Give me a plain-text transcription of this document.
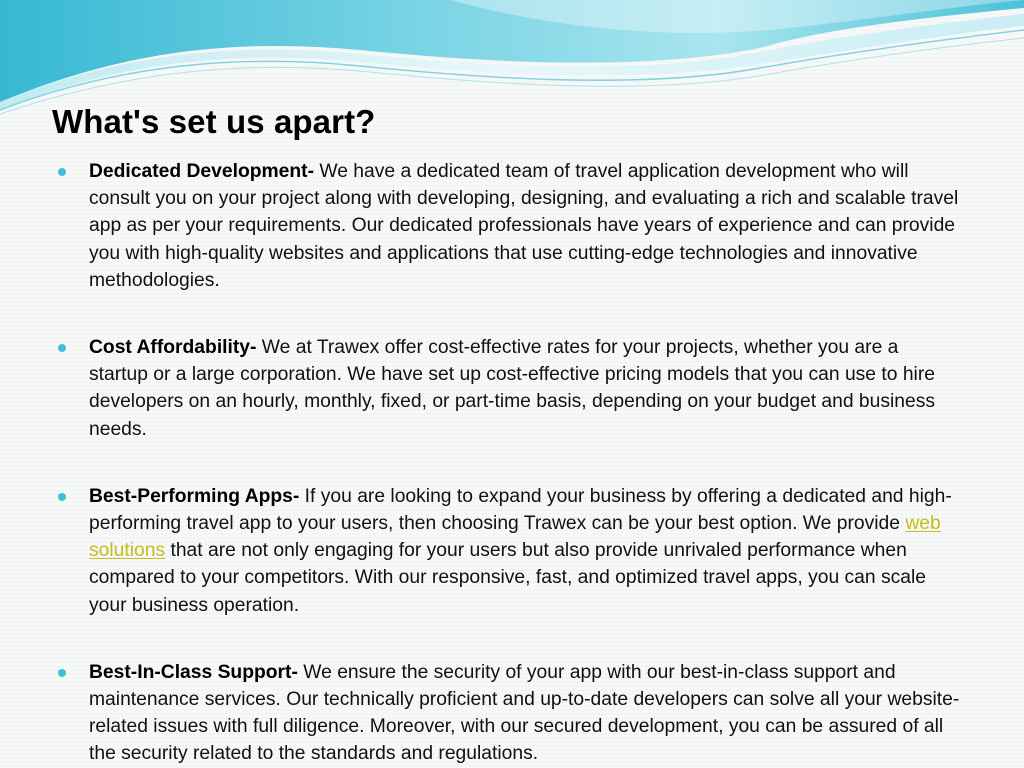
What's set us apart?
Dedicated Development- We have a dedicated team of travel application development who will consult you on your project along with developing, designing, and evaluating a rich and scalable travel app as per your requirements. Our dedicated professionals have years of experience and can provide you with high-quality websites and applications that use cutting-edge technologies and innovative methodologies.
Cost Affordability- We at Trawex offer cost-effective rates for your projects, whether you are a startup or a large corporation. We have set up cost-effective pricing models that you can use to hire developers on an hourly, monthly, fixed, or part-time basis, depending on your budget and business needs.
Best-Performing Apps- If you are looking to expand your business by offering a dedicated and high-performing travel app to your users, then choosing Trawex can be your best option. We provide web solutions that are not only engaging for your users but also provide unrivaled performance when compared to your competitors. With our responsive, fast, and optimized travel apps, you can scale your business operation.
Best-In-Class Support- We ensure the security of your app with our best-in-class support and maintenance services. Our technically proficient and up-to-date developers can solve all your website-related issues with full diligence. Moreover, with our secured development, you can be assured of all the security related to the standards and regulations.
